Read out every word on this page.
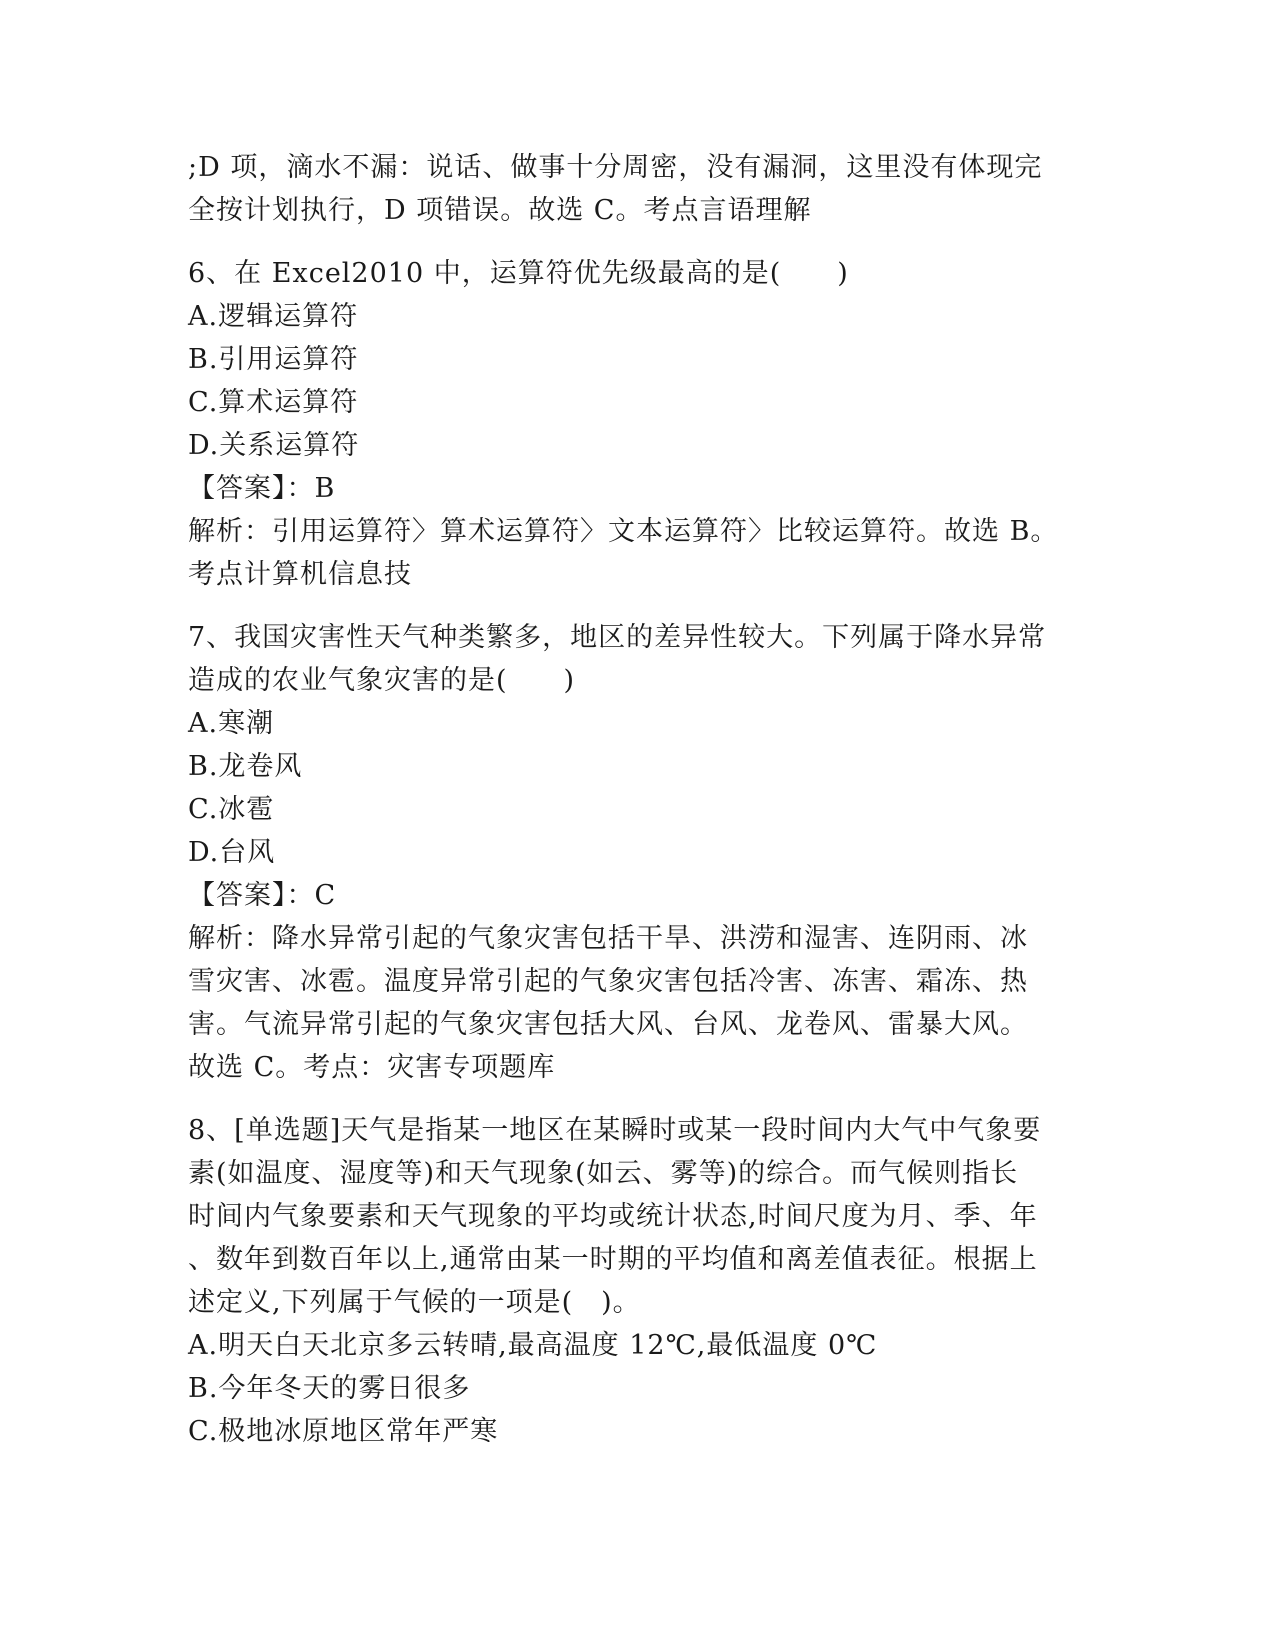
;D 项，滴水不漏：说话、做事十分周密，没有漏洞，这里没有体现完
全按计划执行，D 项错误。故选 C。考点言语理解
6、在 Excel2010 中，运算符优先级最高的是(　　)
A.逻辑运算符
B.引用运算符
C.算术运算符
D.关系运算符
【答案】：B
解析：引用运算符〉算术运算符〉文本运算符〉比较运算符。故选 B。
考点计算机信息技
7、我国灾害性天气种类繁多，地区的差异性较大。下列属于降水异常
造成的农业气象灾害的是(　　)
A.寒潮
B.龙卷风
C.冰雹
D.台风
【答案】：C
解析：降水异常引起的气象灾害包括干旱、洪涝和湿害、连阴雨、冰
雪灾害、冰雹。温度异常引起的气象灾害包括冷害、冻害、霜冻、热
害。气流异常引起的气象灾害包括大风、台风、龙卷风、雷暴大风。
故选 C。考点：灾害专项题库
8、[单选题]天气是指某一地区在某瞬时或某一段时间内大气中气象要
素(如温度、湿度等)和天气现象(如云、雾等)的综合。而气候则指长
时间内气象要素和天气现象的平均或统计状态,时间尺度为月、季、年
、数年到数百年以上,通常由某一时期的平均值和离差值表征。根据上
述定义,下列属于气候的一项是(　)。
A.明天白天北京多云转晴,最高温度 12℃,最低温度 0℃
B.今年冬天的雾日很多
C.极地冰原地区常年严寒
